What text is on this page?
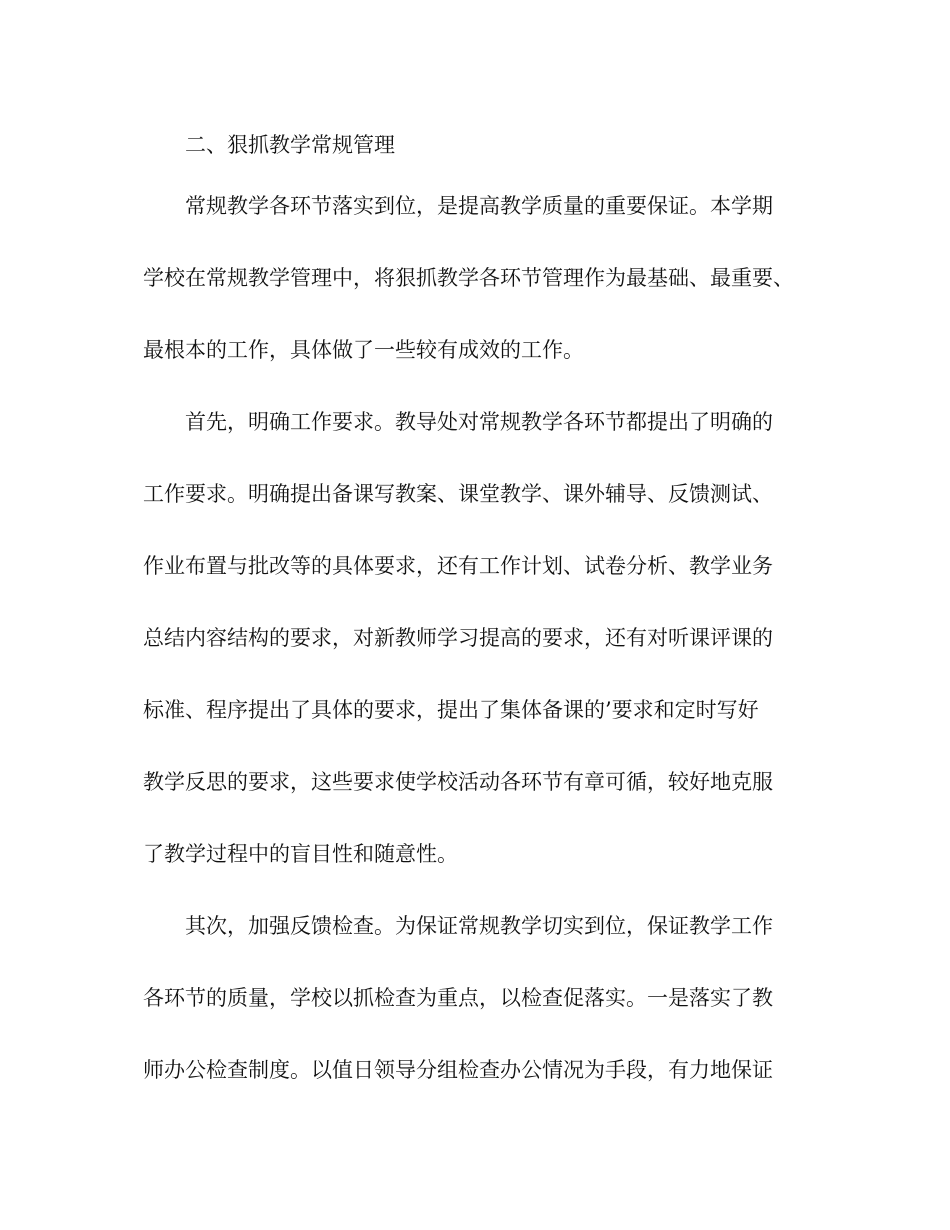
二、狠抓教学常规管理

常规教学各环节落实到位，是提高教学质量的重要保证。本学期

学校在常规教学管理中，将狠抓教学各环节管理作为最基础、最重要、

最根本的工作，具体做了一些较有成效的工作。

首先，明确工作要求。教导处对常规教学各环节都提出了明确的

工作要求。明确提出备课写教案、课堂教学、课外辅导、反馈测试、

作业布置与批改等的具体要求，还有工作计划、试卷分析、教学业务

总结内容结构的要求，对新教师学习提高的要求，还有对听课评课的

标准、程序提出了具体的要求，提出了集体备课的’要求和定时写好

教学反思的要求，这些要求使学校活动各环节有章可循，较好地克服

了教学过程中的盲目性和随意性。

其次，加强反馈检查。为保证常规教学切实到位，保证教学工作

各环节的质量，学校以抓检查为重点，以检查促落实。一是落实了教

师办公检查制度。以值日领导分组检查办公情况为手段，有力地保证
